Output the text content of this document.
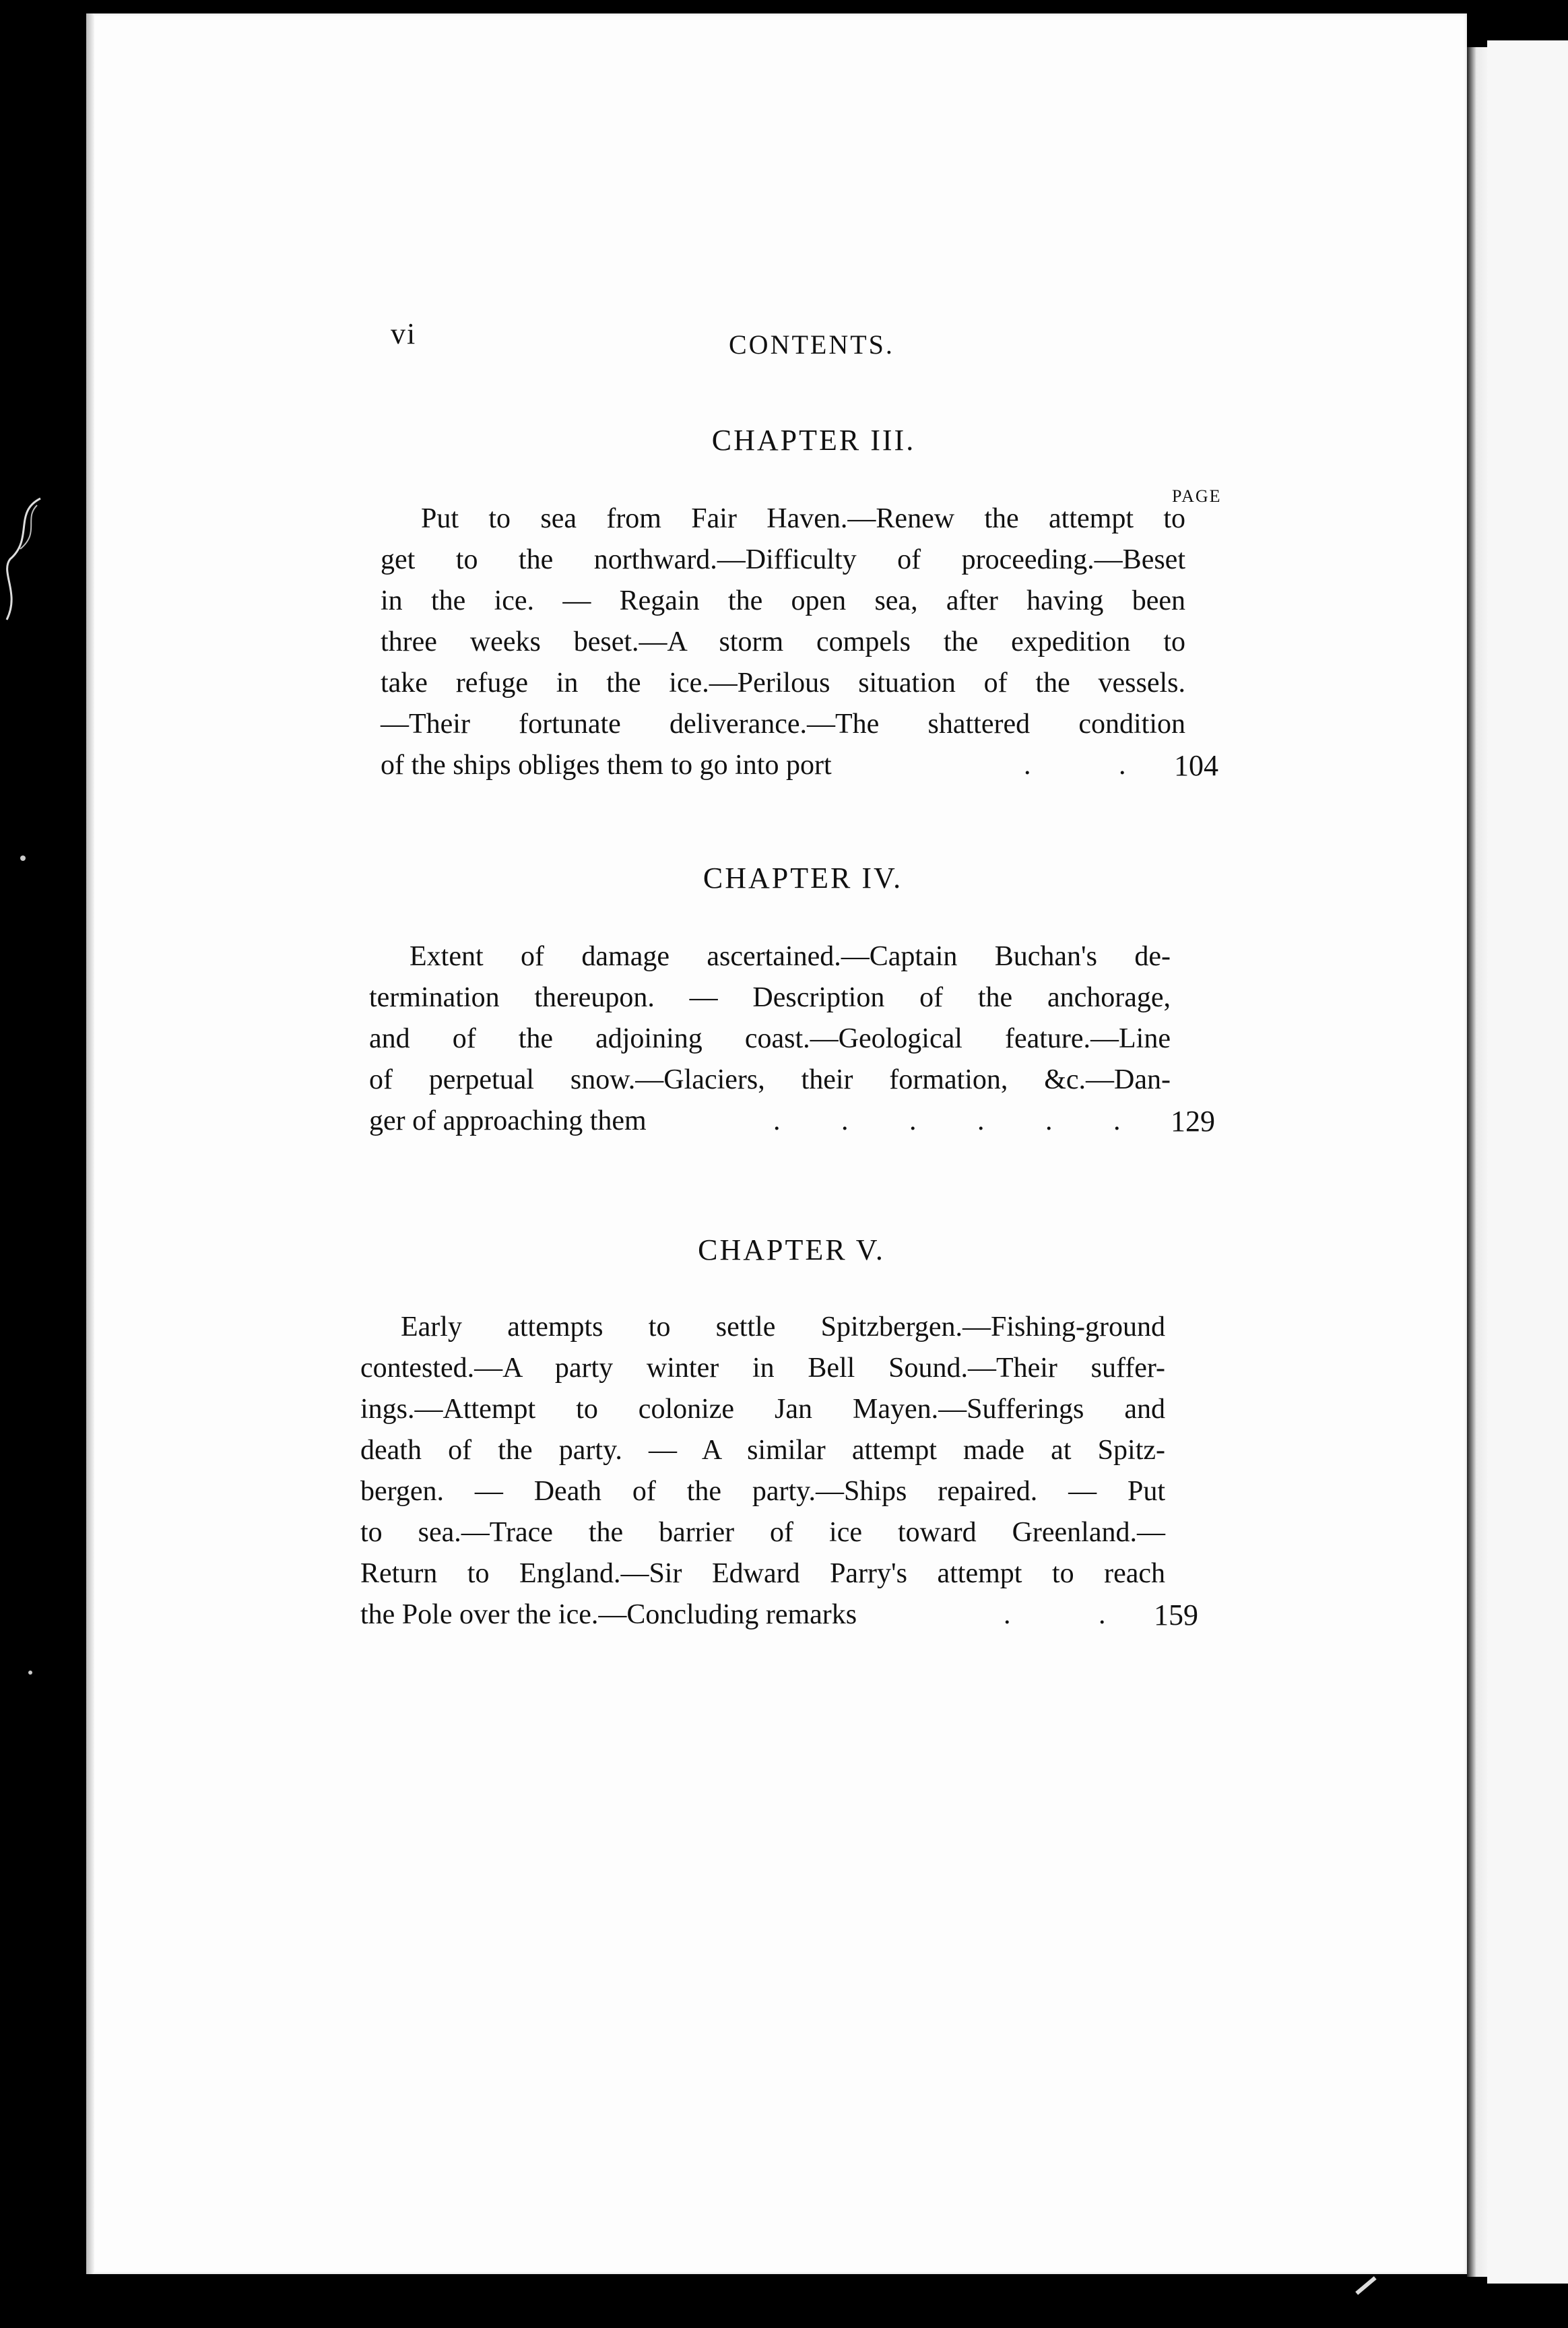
vi	CONTENTS.
CHAPTER III.
PAGE
Put to sea from Fair Haven.—Renew the attempt to
get to the northward.—Difficulty of proceeding.—Beset
in the ice. — Regain the open sea, after having been
three weeks beset.—A storm compels the expedition to
take refuge in the ice.—Perilous situation of the vessels.
—Their fortunate deliverance.—The shattered condition
of the ships obliges them to go into port	. . 104
CHAPTER IV.
Extent of damage ascertained.—Captain Buchan's de-
termination thereupon. — Description of the anchorage,
and of the adjoining coast.—Geological feature.—Line
of perpetual snow.—Glaciers, their formation, &c.—Dan-
ger of approaching them	. . . . . . 129
CHAPTER V.
Early attempts to settle Spitzbergen.—Fishing-ground
contested.—A party winter in Bell Sound.—Their suffer-
ings.—Attempt to colonize Jan Mayen.—Sufferings and
death of the party. — A similar attempt made at Spitz-
bergen. — Death of the party.—Ships repaired. — Put
to sea.—Trace the barrier of ice toward Greenland.—
Return to England.—Sir Edward Parry's attempt to reach
the Pole over the ice.—Concluding remarks	. . 159
